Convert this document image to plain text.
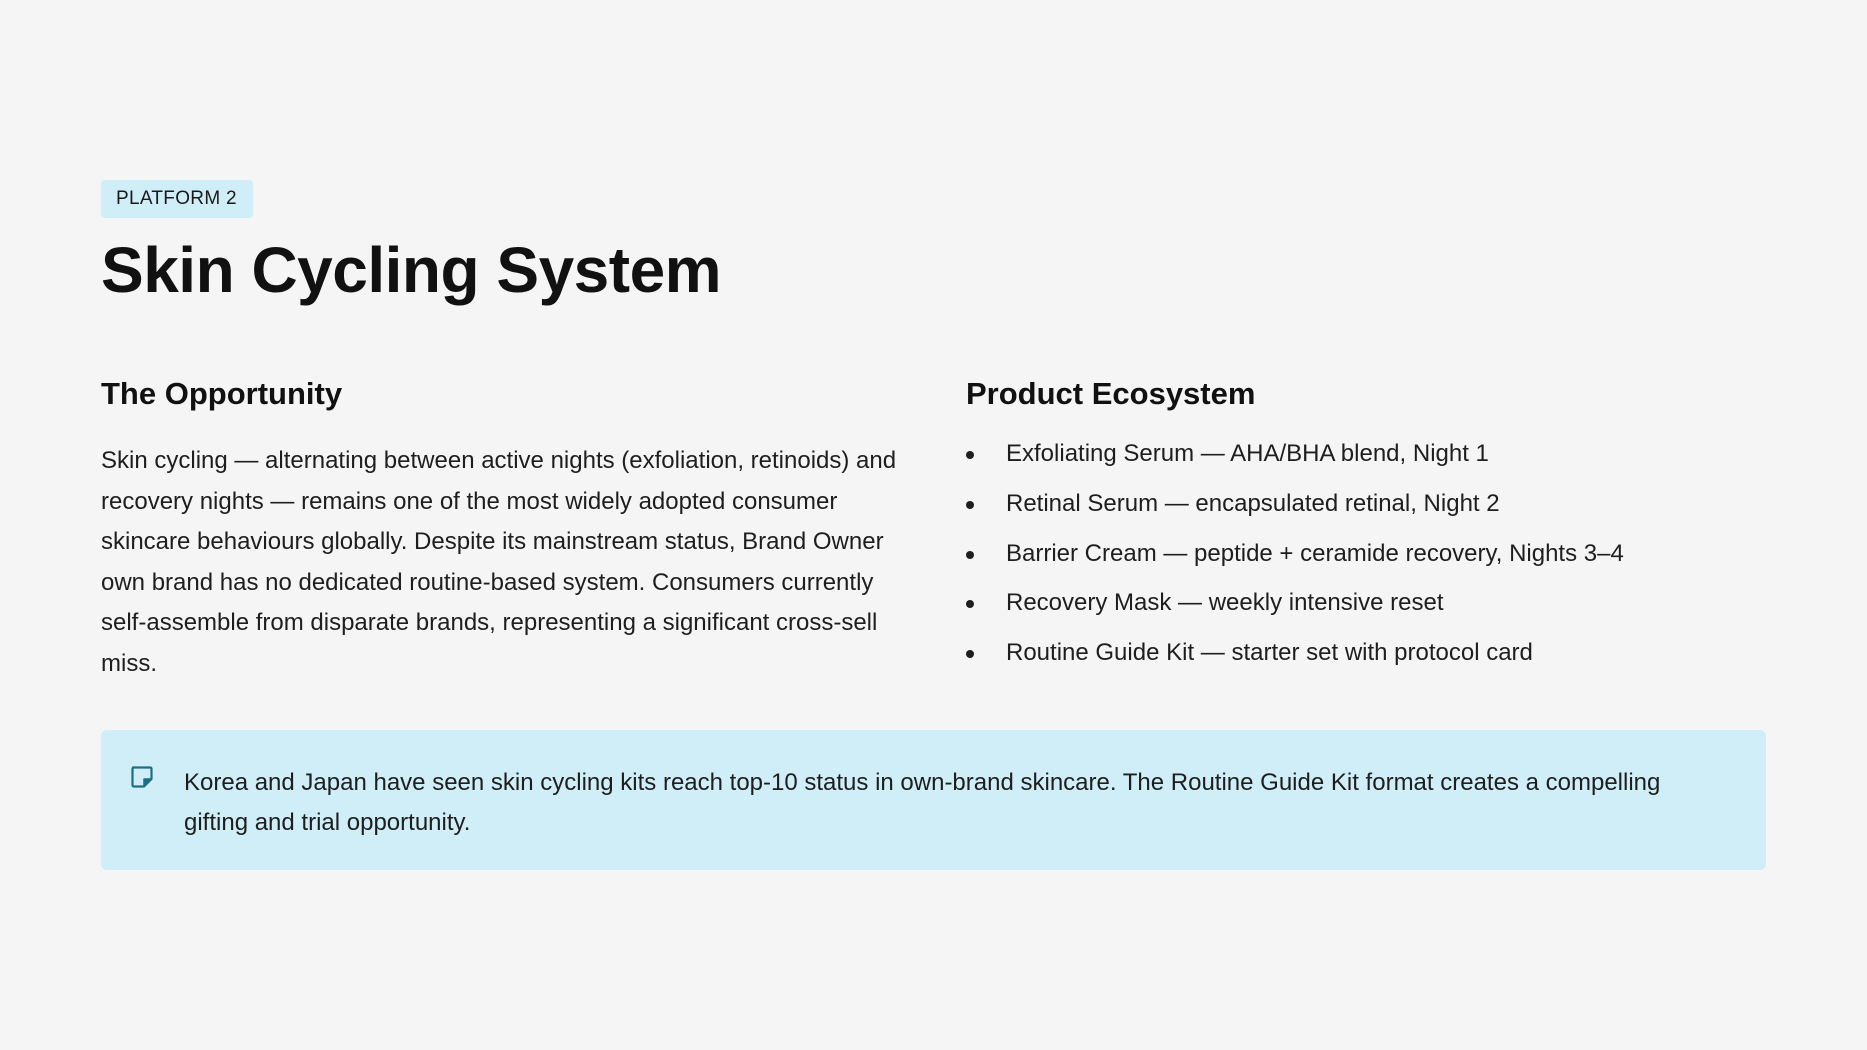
PLATFORM 2
Skin Cycling System
The Opportunity

Skin cycling — alternating between active nights (exfoliation, retinoids) and recovery nights — remains one of the most widely adopted consumer skincare behaviours globally. Despite its mainstream status, Brand Owner own brand has no dedicated routine-based system. Consumers currently self-assemble from disparate brands, representing a significant cross-sell miss.

Product Ecosystem
Exfoliating Serum — AHA/BHA blend, Night 1
Retinal Serum — encapsulated retinal, Night 2
Barrier Cream — peptide + ceramide recovery, Nights 3–4
Recovery Mask — weekly intensive reset
Routine Guide Kit — starter set with protocol card

Korea and Japan have seen skin cycling kits reach top-10 status in own-brand skincare. The Routine Guide Kit format creates a compelling gifting and trial opportunity.
